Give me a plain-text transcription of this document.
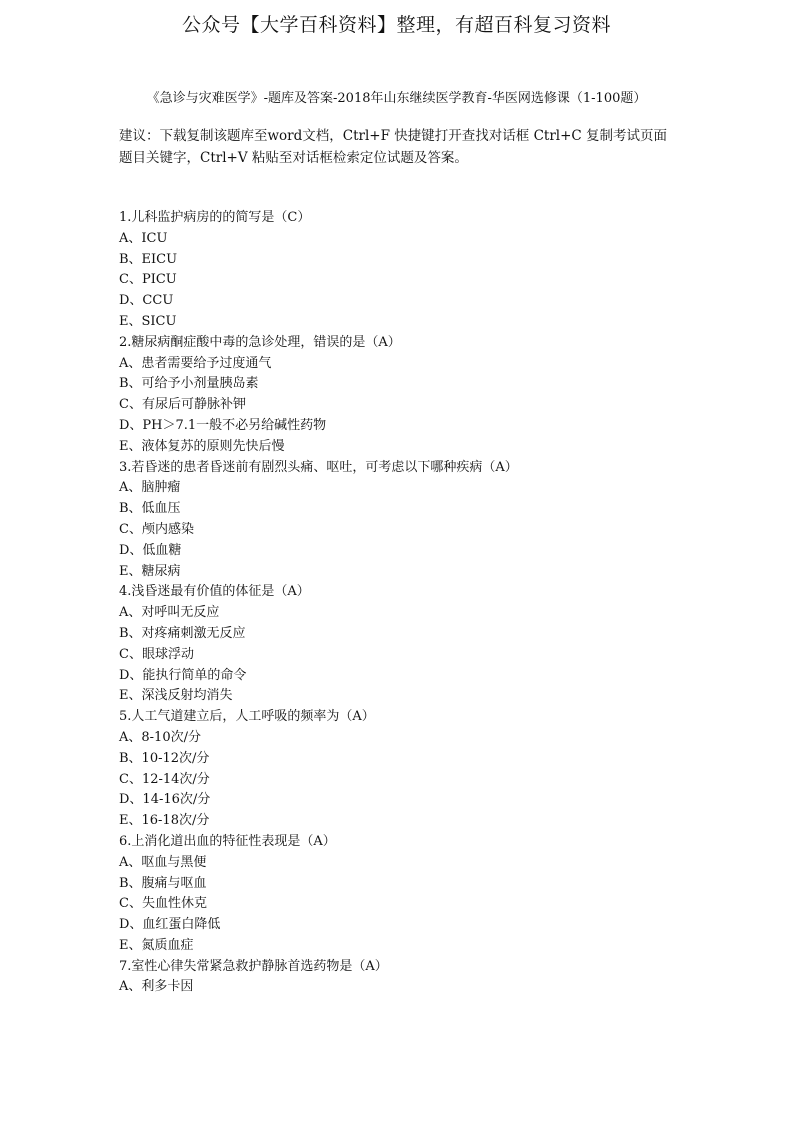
公众号【大学百科资料】整理，有超百科复习资料
《急诊与灾难医学》-题库及答案-2018年山东继续医学教育-华医网选修课（1-100题）
建议：下载复制该题库至word文档，Ctrl+F 快捷键打开查找对话框 Ctrl+C 复制考试页面题目关键字，Ctrl+V 粘贴至对话框检索定位试题及答案。
1.儿科监护病房的的简写是（C）
A、ICU
B、EICU
C、PICU
D、CCU
E、SICU
2.糖尿病酮症酸中毒的急诊处理，错误的是（A）
A、患者需要给予过度通气
B、可给予小剂量胰岛素
C、有尿后可静脉补钾
D、PH＞7.1一般不必另给碱性药物
E、液体复苏的原则先快后慢
3.若昏迷的患者昏迷前有剧烈头痛、呕吐，可考虑以下哪种疾病（A）
A、脑肿瘤
B、低血压
C、颅内感染
D、低血糖
E、糖尿病
4.浅昏迷最有价值的体征是（A）
A、对呼叫无反应
B、对疼痛刺激无反应
C、眼球浮动
D、能执行简单的命令
E、深浅反射均消失
5.人工气道建立后，人工呼吸的频率为（A）
A、8-10次/分
B、10-12次/分
C、12-14次/分
D、14-16次/分
E、16-18次/分
6.上消化道出血的特征性表现是（A）
A、呕血与黑便
B、腹痛与呕血
C、失血性休克
D、血红蛋白降低
E、氮质血症
7.室性心律失常紧急救护静脉首选药物是（A）
A、利多卡因
